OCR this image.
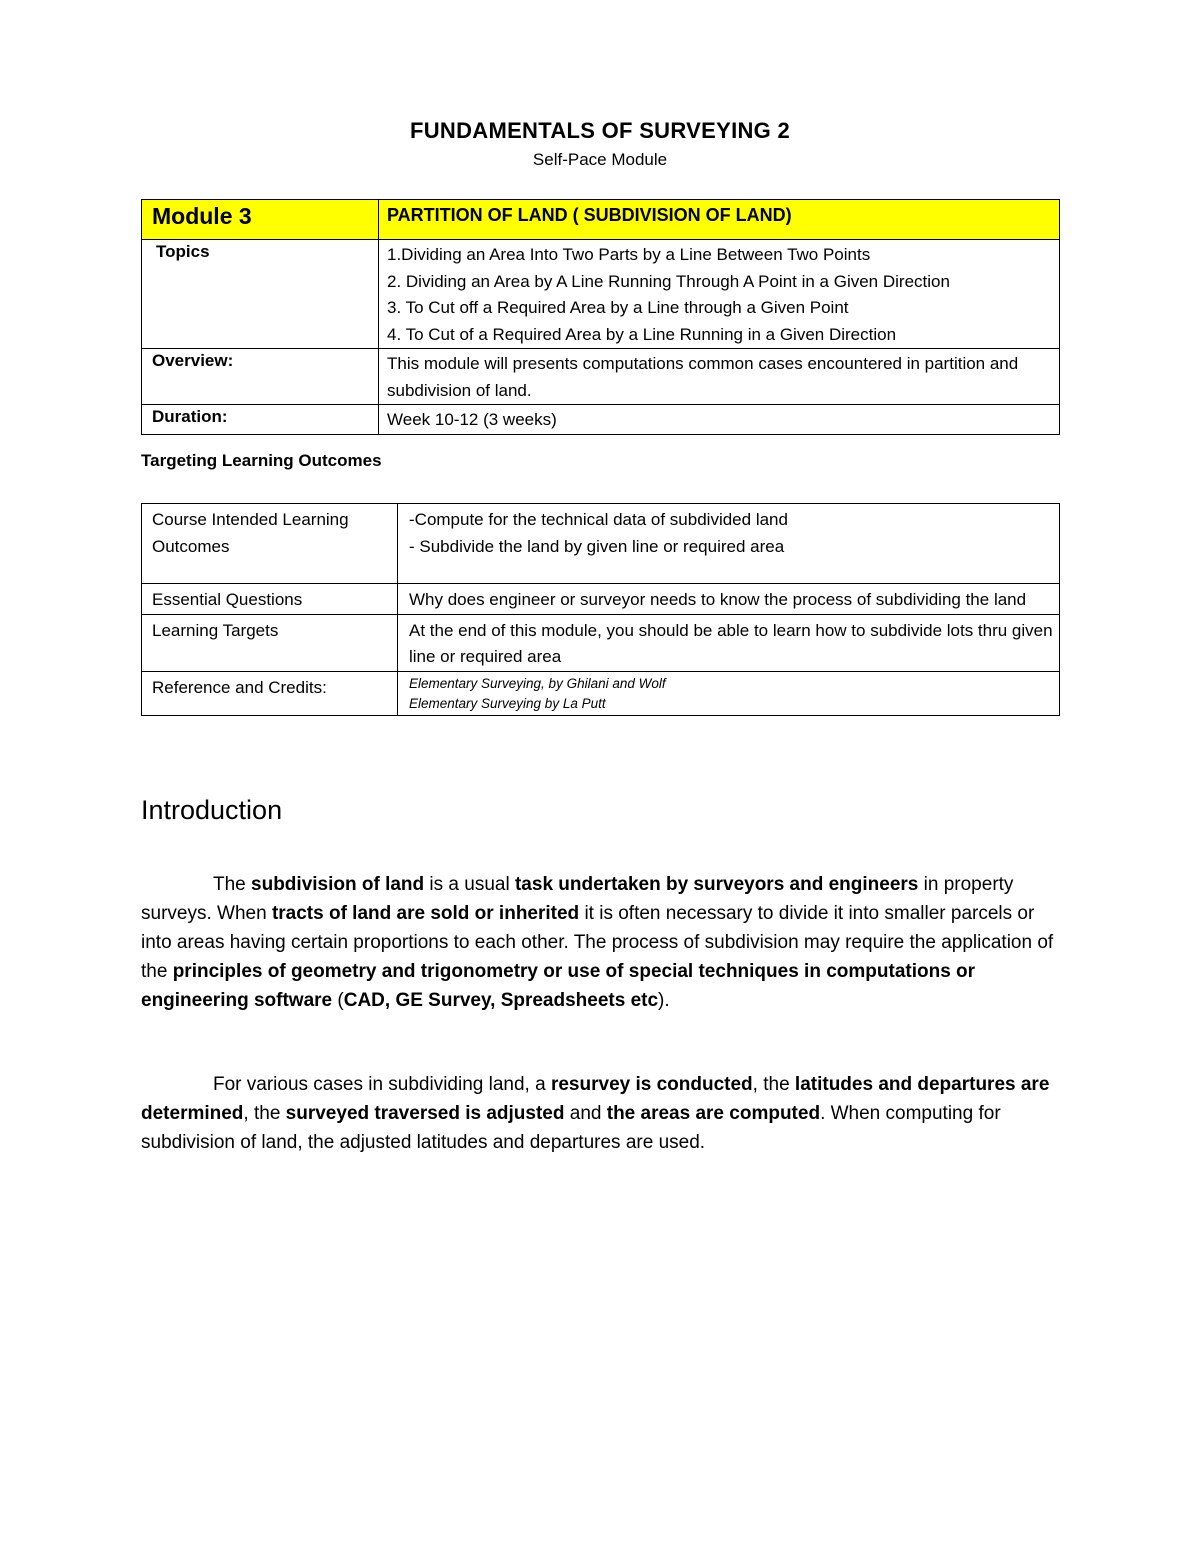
FUNDAMENTALS OF SURVEYING 2
Self-Pace Module
Module 3	PARTITION OF LAND ( SUBDIVISION OF LAND)
Topics	1.Dividing an Area Into Two Parts by a Line Between Two Points
2. Dividing an Area by A Line Running Through A Point in a Given Direction
3. To Cut off a Required Area by a Line through a Given Point
4. To Cut of a Required Area by a Line Running in a Given Direction

Overview:	This module will presents computations common cases encountered in partition and subdivision of land.
Duration:	Week 10-12 (3 weeks)
Targeting Learning Outcomes
Course Intended Learning Outcomes	-Compute for the technical data of subdivided land
- Subdivide the land by given line or required area

Essential Questions	Why does engineer or surveyor needs to know the process of subdividing the land
Learning Targets	At the end of this module, you should be able to learn how to subdivide lots thru given line or required area
Reference and Credits:	Elementary Surveying, by Ghilani and Wolf
Elementary Surveying by La Putt
Introduction

The subdivision of land is a usual task undertaken by surveyors and engineers in property surveys. When tracts of land are sold or inherited it is often necessary to divide it into smaller parcels or into areas having certain proportions to each other. The process of subdivision may require the application of the principles of geometry and trigonometry or use of special techniques in computations or engineering software (CAD, GE Survey, Spreadsheets etc).

For various cases in subdividing land, a resurvey is conducted, the latitudes and departures are determined, the surveyed traversed is adjusted and the areas are computed. When computing for subdivision of land, the adjusted latitudes and departures are used.
